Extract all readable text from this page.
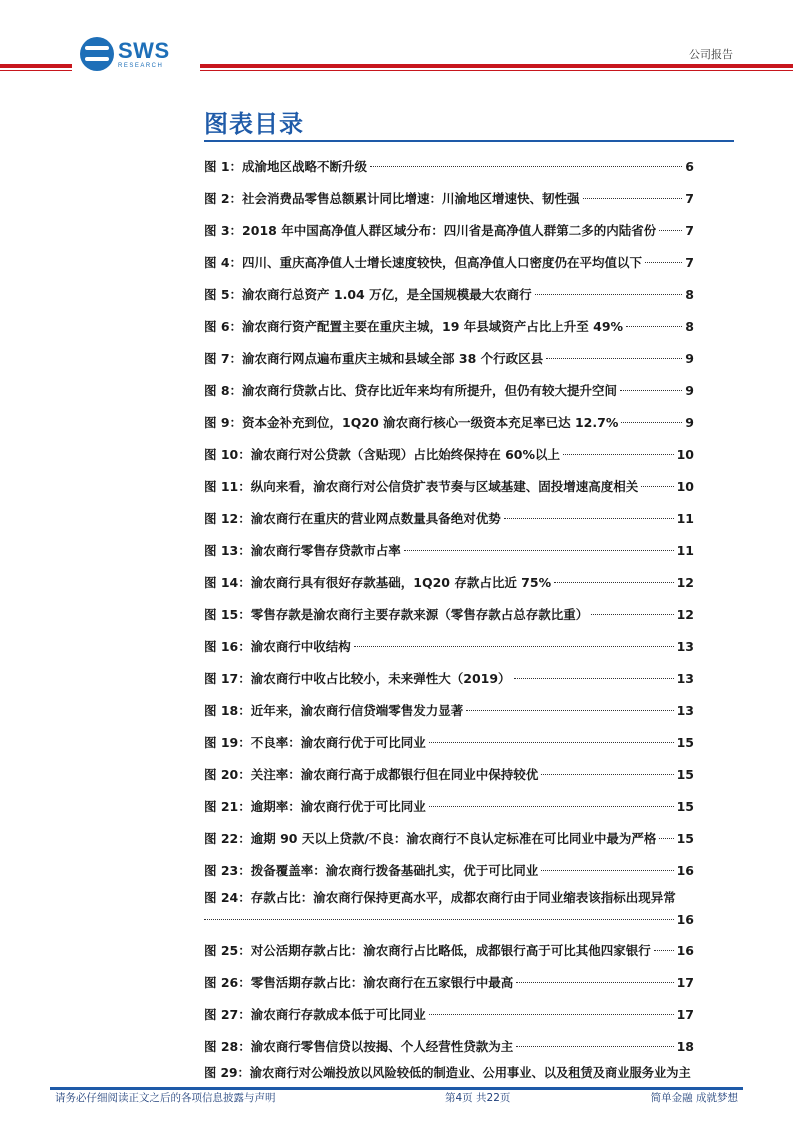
SWS
RESEARCH
公司报告
图表目录
图 1：成渝地区战略不断升级	6
图 2：社会消费品零售总额累计同比增速：川渝地区增速快、韧性强	7
图 3：2018 年中国高净值人群区域分布：四川省是高净值人群第二多的内陆省份 7
图 4：四川、重庆高净值人士增长速度较快，但高净值人口密度仍在平均值以下	7
图 5：渝农商行总资产 1.04 万亿，是全国规模最大农商行	8
图 6：渝农商行资产配置主要在重庆主城，19 年县域资产占比上升至 49%	8
图 7：渝农商行网点遍布重庆主城和县域全部 38 个行政区县	9
图 8：渝农商行贷款占比、贷存比近年来均有所提升，但仍有较大提升空间	9
图 9：资本金补充到位，1Q20 渝农商行核心一级资本充足率已达 12.7%	9
图 10：渝农商行对公贷款（含贴现）占比始终保持在 60%以上	10
图 11：纵向来看，渝农商行对公信贷扩表节奏与区域基建、固投增速高度相关	10
图 12：渝农商行在重庆的营业网点数量具备绝对优势	11
图 13：渝农商行零售存贷款市占率	11
图 14：渝农商行具有很好存款基础，1Q20 存款占比近 75%	12
图 15：零售存款是渝农商行主要存款来源（零售存款占总存款比重）	12
图 16：渝农商行中收结构	13
图 17：渝农商行中收占比较小，未来弹性大（2019）	13
图 18：近年来，渝农商行信贷端零售发力显著	13
图 19：不良率：渝农商行优于可比同业	15
图 20：关注率：渝农商行高于成都银行但在同业中保持较优	15
图 21：逾期率：渝农商行优于可比同业	15
图 22：逾期 90 天以上贷款/不良：渝农商行不良认定标准在可比同业中最为严格 15
图 23：拨备覆盖率：渝农商行拨备基础扎实，优于可比同业	16
图 24：存款占比：渝农商行保持更高水平，成都农商行由于同业缩表该指标出现异常
16
图 25：对公活期存款占比：渝农商行占比略低，成都银行高于可比其他四家银行 16
图 26：零售活期存款占比：渝农商行在五家银行中最高	17
图 27：渝农商行存款成本低于可比同业	17
图 28：渝农商行零售信贷以按揭、个人经营性贷款为主	18
图 29：渝农商行对公端投放以风险较低的制造业、公用事业、以及租赁及商业服务业为主
请务必仔细阅读正文之后的各项信息披露与声明	第4页 共22页	简单金融 成就梦想
